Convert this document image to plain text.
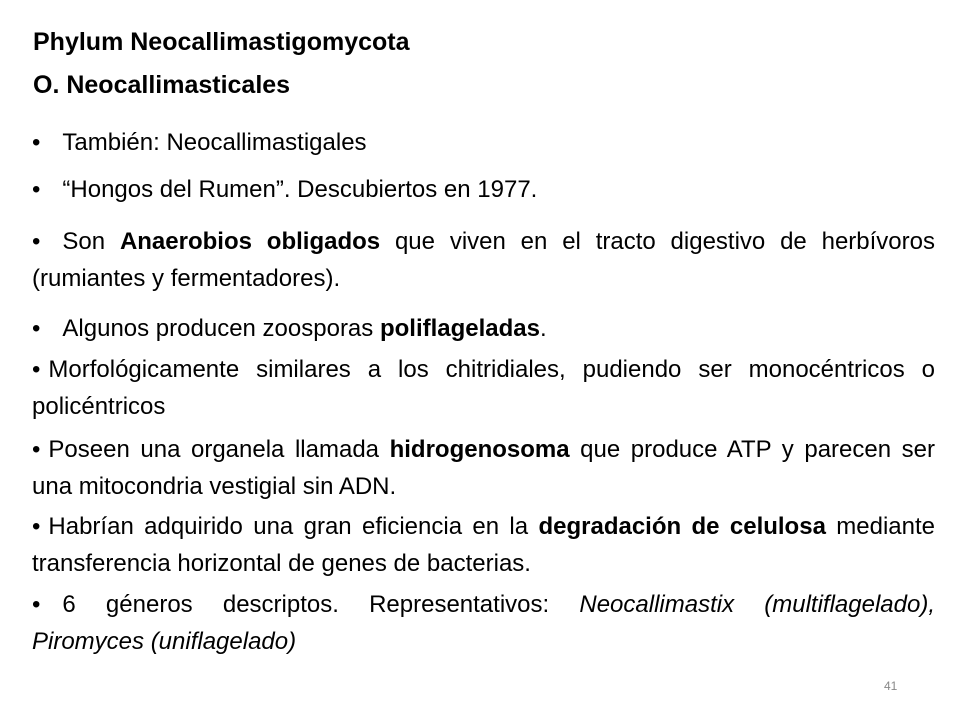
Phylum Neocallimastigomycota
O. Neocallimasticales

• También: Neocallimastigales

• “Hongos del Rumen”. Descubiertos en 1977.

• Son Anaerobios obligados que viven en el tracto digestivo de herbívoros (rumiantes y fermentadores).

• Algunos producen zoosporas poliflageladas.

• Morfológicamente similares a los chitridiales, pudiendo ser monocéntricos o policéntricos

• Poseen una organela llamada hidrogenosoma que produce ATP y parecen ser una mitocondria vestigial sin ADN.

• Habrían adquirido una gran eficiencia en la degradación de celulosa mediante transferencia horizontal de genes de bacterias.

• 6 géneros descriptos. Representativos: Neocallimastix (multiflagelado), Piromyces (uniflagelado)

41
